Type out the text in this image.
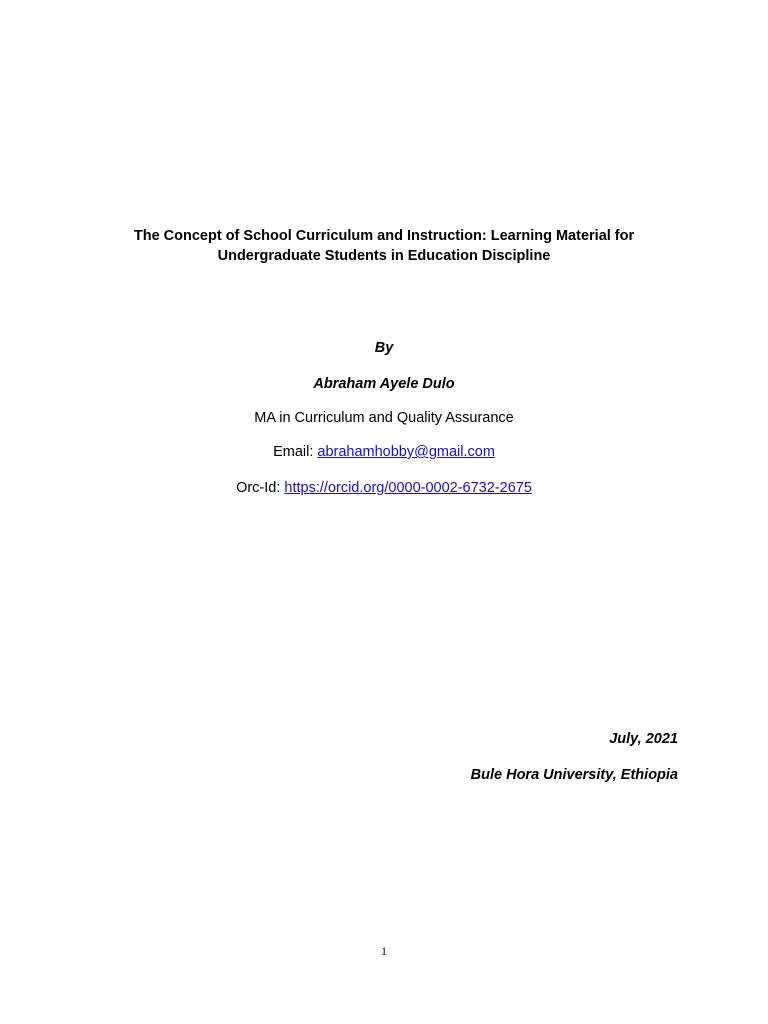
The Concept of School Curriculum and Instruction: Learning Material for
Undergraduate Students in Education Discipline
By
Abraham Ayele Dulo
MA in Curriculum and Quality Assurance
Email: abrahamhobby@gmail.com
Orc-Id: https://orcid.org/0000-0002-6732-2675
July, 2021
Bule Hora University, Ethiopia
1
